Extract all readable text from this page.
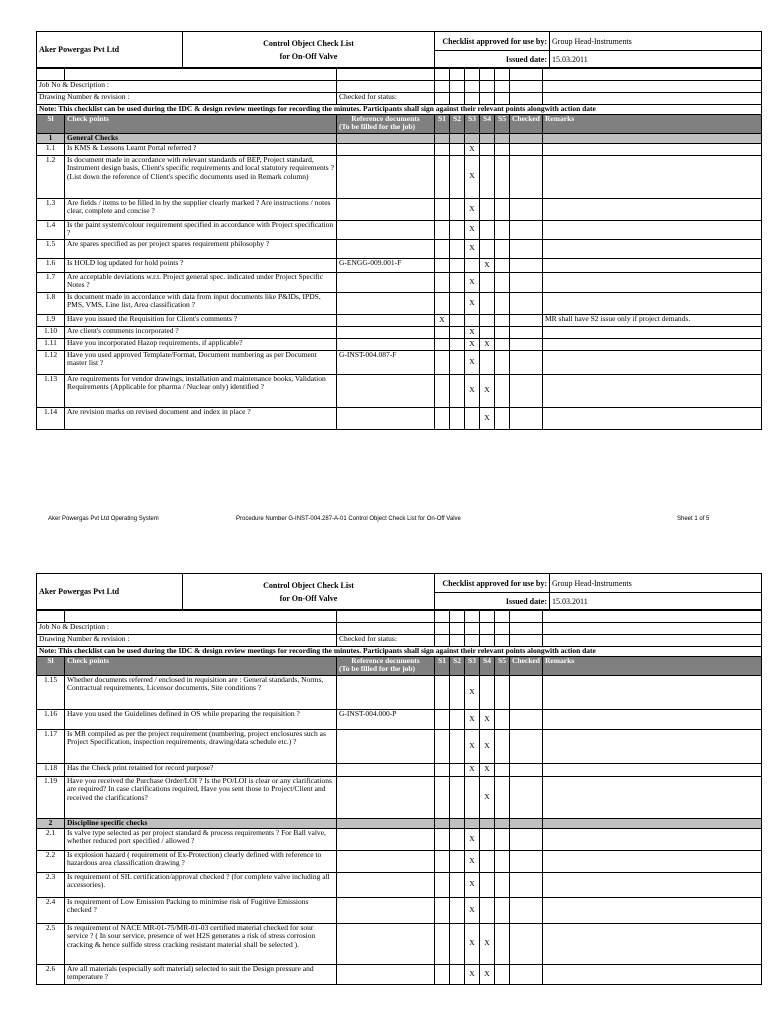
Aker Powergas Pvt Ltd	Control Object Check List
for On-Off Valve	Checklist approved for use by:	Group Head-Instruments
		Issued date:	15.03.2011

Job No & Description :									
Drawing Number & revision :		Checked for status:							
Note: This checklist can be used during the IDC & design review meetings for recording the minutes. Participants shall sign against their relevant points alongwith action date									
Sl	Check points	Reference documents
(To be filled for the job)	S1	S2	S3	S4	S5	Checked	Remarks
1	General Checks								
1.1	Is KMS & Lessons Learnt Portal referred ?				X				
1.2	Is document made in accordance with relevant standards of BEP, Project standard, Instrument design basis, Client's specific requirements and local statutory requirements ? (List down the reference of Client's specific documents used in Remark column)				X				
1.3	Are fields / items to be filled in by the supplier clearly marked ? Are instructions / notes clear, complete and concise ?				X				
1.4	Is the paint system/colour requirement specified in accordance with Project specification ?				X				
1.5	Are spares specified as per project spares requirement philosophy ?				X				
1.6	Is HOLD log updated for hold points ?	G-ENGG-009.001-F				X			
1.7	Are acceptable deviations w.r.t. Project general spec. indicated under Project Specific Notes ?				X				
1.8	Is document made in accordance with data from input documents like P&IDs, IPDS, PMS, VMS, Line list, Area classification ?				X				
1.9	Have you issued the Requisition for Client's comments ?		X						MR shall have S2 issue only if project demands.
1.10	Are client's comments incorporated ?				X				
1.11	Have you incorporated Hazop requirements, if applicable?				X	X			
1.12	Have you used approved Template/Format, Document numbering as per Document master list ?	G-INST-004.087-F			X				
1.13	Are requirements for vendor drawings, installation and maintenance books, Validation Requirements (Applicable for pharma / Nuclear only) identified ?				X	X			
1.14	Are revision marks on revised document and index in place ?					X			
Aker Powergas Pvt Ltd Operating System	Procedure Number G-INST-004.287-A-01 Control Object Check List for On-Off Valve	Sheet 1 of 5
Aker Powergas Pvt Ltd	Control Object Check List
for On-Off Valve	Checklist approved for use by:	Group Head-Instruments
		Issued date:	15.03.2011

Job No & Description :									
Drawing Number & revision :		Checked for status:							
Note: This checklist can be used during the IDC & design review meetings for recording the minutes. Participants shall sign against their relevant points alongwith action date									
Sl	Check points	Reference documents
(To be filled for the job)	S1	S2	S3	S4	S5	Checked	Remarks
1.15	Whether documents referred / enclosed in requisition are : General standards, Norms, Contractual requirements, Licensor documents, Site conditions ?				X				
1.16	Have you used the Guidelines defined in OS while preparing the requisition ?	G-INST-004.000-P			X	X			
1.17	Is MR compiled as per the project requirement (numbering, project enclosures such as Project Specification, inspection requirements, drawing/data schedule etc.) ?				X	X			
1.18	Has the Check print retained for record purpose?				X	X			
1.19	Have you received the Purchase Order/LOI ? Is the PO/LOI is clear or any clarifications are required? In case clarifications required, Have you sent those to Project/Client and received the clarifications?					X			
2	Discipline specific checks								
2.1	Is valve type selected as per project standard & process requirements ? For Ball valve, whether reduced port specified / allowed ?				X				
2.2	Is explosion hazard ( requirement of Ex-Protection) clearly defined with reference to hazardous area classification drawing ?				X				
2.3	Is requirement of SIL certification/approval checked ? (for complete valve including all accessories).				X				
2.4	Is requirement of Low Emission Packing to minimise risk of Fugitive Emissions checked ?				X				
2.5	Is requirement of NACE MR-01-75/MR-01-03 certified material checked for sour service ? ( In sour service, presence of wet H2S generates a risk of stress corrosion cracking & hence sulfide stress cracking resistant material shall be selected ).				X	X			
2.6	Are all materials (especially soft material) selected to suit the Design pressure and temperature ?				X	X			
